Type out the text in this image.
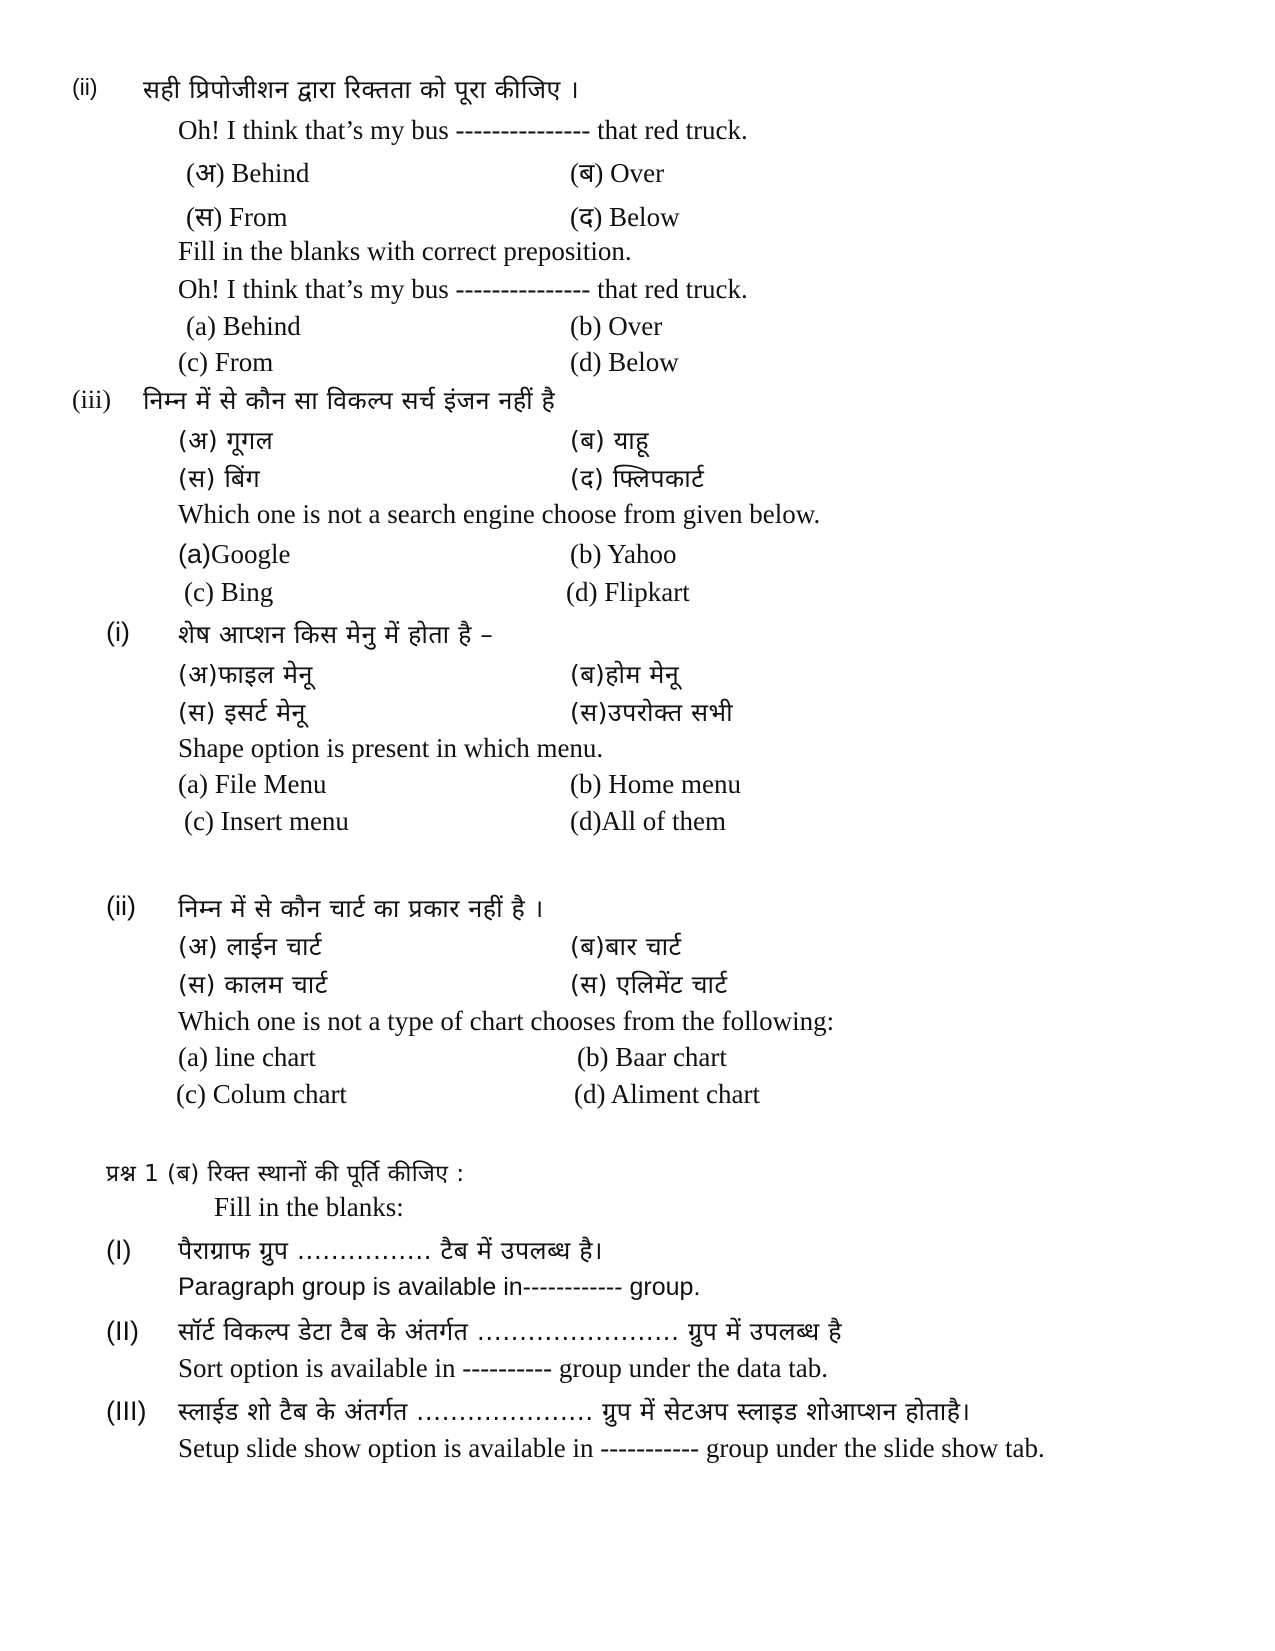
(ii) सही प्रिपोजीशन द्वारा रिक्तता को पूरा कीजिए ।
Oh! I think that’s my bus --------------- that red truck.
(अ) Behind	(ब) Over
(स) From	(द) Below
Fill in the blanks with correct preposition.
Oh! I think that’s my bus --------------- that red truck.
(a) Behind	(b) Over
(c) From	(d) Below
(iii) निम्न में से कौन सा विकल्प सर्च इंजन नहीं है
(अ) गूगल	(ब) याहू
(स) बिंग	(द) फ्लिपकार्ट
Which one is not a search engine choose from given below.
(a)Google	(b) Yahoo
(c) Bing	(d) Flipkart
(i) शेष आप्शन किस मेनु में होता है –
(अ)फाइल मेनू	(ब)होम मेनू
(स) इसर्ट मेनू	(स)उपरोक्त सभी
Shape option is present in which menu.
(a) File Menu	(b) Home menu
(c) Insert menu	(d)All of them
(ii) निम्न में से कौन चार्ट का प्रकार नहीं है ।
(अ) लाईन चार्ट	(ब)बार चार्ट
(स) कालम चार्ट	(स) एलिमेंट चार्ट
Which one is not a type of chart chooses from the following:
(a) line chart	(b) Baar chart
(c) Colum chart	(d) Aliment chart
प्रश्न 1 (ब) रिक्त स्थानों की पूर्ति कीजिए :
Fill in the blanks:
(I) पैराग्राफ ग्रुप ................ टैब में उपलब्ध है।
Paragraph group is available in------------ group.
(II) सॉर्ट विकल्प डेटा टैब के अंतर्गत ........................ ग्रुप में उपलब्ध है
Sort option is available in ---------- group under the data tab.
(III) स्लाईड शो टैब के अंतर्गत ..................... ग्रुप में सेटअप स्लाइड शोआप्शन होताहै।
Setup slide show option is available in ----------- group under the slide show tab.
